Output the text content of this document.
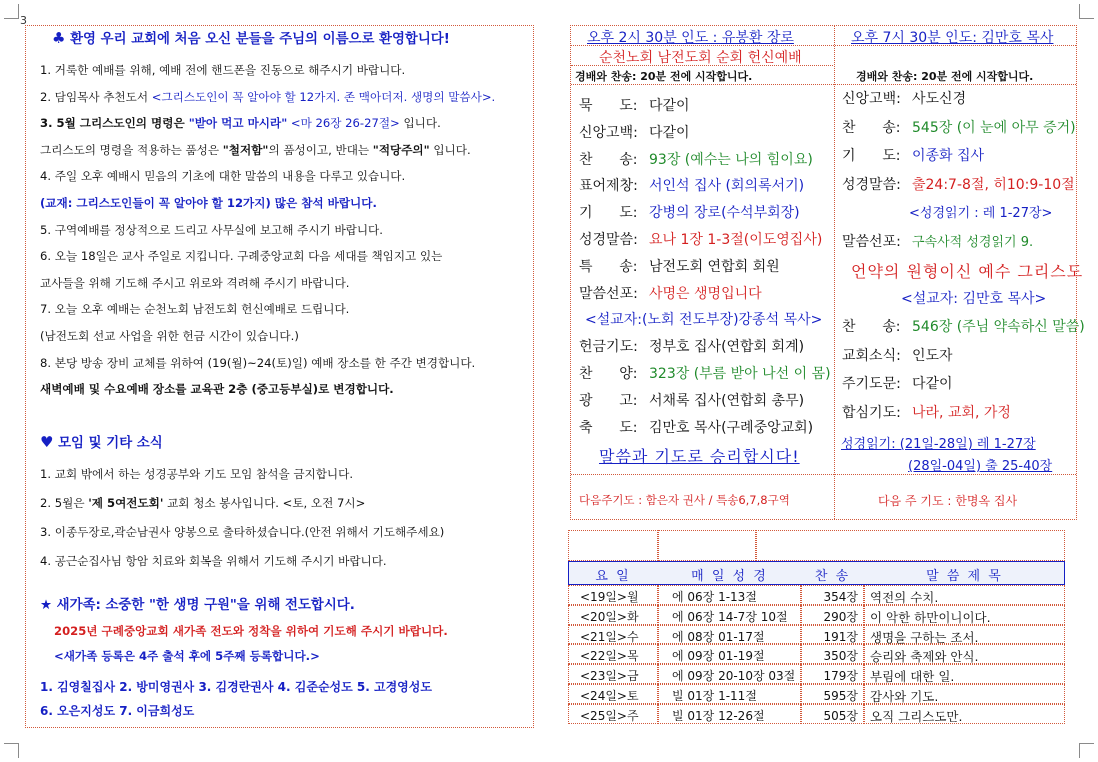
3
♣ 환영 우리 교회에 처음 오신 분들을 주님의 이름으로 환영합니다!
1. 거룩한 예배를 위해, 예배 전에 핸드폰을 진동으로 해주시기 바랍니다.
2. 담임목사 추천도서 <그리스도인이 꼭 알아야 할 12가지. 존 맥아더저. 생명의 말씀사>.
3. 5월 그리스도인의 명령은 "받아 먹고 마시라" <마 26장 26-27절> 입니다.
그리스도의 명령을 적용하는 품성은 "철저함"의 품성이고, 반대는 "적당주의" 입니다.
4. 주일 오후 예배시 믿음의 기초에 대한 말씀의 내용을 다루고 있습니다.
(교재: 그리스도인들이 꼭 알아야 할 12가지) 많은 참석 바랍니다.
5. 구역예배를 정상적으로 드리고 사무실에 보고해 주시기 바랍니다.
6. 오늘 18일은 교사 주일로 지킵니다. 구례중앙교회 다음 세대를 책임지고 있는
교사들을 위해 기도해 주시고 위로와 격려해 주시기 바랍니다.
7. 오늘 오후 예배는 순천노회 남전도회 헌신예배로 드립니다.
(남전도회 선교 사업을 위한 헌금 시간이 있습니다.)
8. 본당 방송 장비 교체를 위하여 (19(월)~24(토)일) 예배 장소를 한 주간 변경합니다.
새벽예배 및 수요예배 장소를 교육관 2층 (중고등부실)로 변경합니다.
♥ 모임 및 기타 소식
1. 교회 밖에서 하는 성경공부와 기도 모임 참석을 금지합니다.
2. 5월은 '제 5여전도회' 교회 청소 봉사입니다. <토, 오전 7시>
3. 이종두장로,곽순남권사 양봉으로 출타하셨습니다.(안전 위해서 기도해주세요)
4. 공근순집사님 항암 치료와 회복을 위해서 기도해 주시기 바랍니다.
★ 새가족: 소중한 "한 생명 구원"을 위해 전도합시다.
2025년 구례중앙교회 새가족 전도와 정착을 위하여 기도해 주시기 바랍니다.
<새가족 등록은 4주 출석 후에 5주째 등록합니다.>
1. 김영칠집사 2. 방미영권사 3. 김경란권사 4. 김준순성도 5. 고경영성도
6. 오은지성도 7. 이금희성도
오후 2시 30분 인도 : 유봉환 장로	오후 7시 30분 인도: 김만호 목사
순천노회 남전도회 순회 헌신예배
경배와 찬송: 20분 전에 시작합니다.	경배와 찬송: 20분 전에 시작합니다.
묵      도: 다같이
신앙고백: 다같이
찬      송: 93장 (예수는 나의 힘이요)
표어제창: 서인석 집사 (회의록서기)
기      도: 강병의 장로(수석부회장)
성경말씀: 요나 1장 1-3절(이도영집사)
특      송: 남전도회 연합회 회원
말씀선포: 사명은 생명입니다
<설교자:(노회 전도부장)강종석 목사>
헌금기도: 정부호 집사(연합회 회계)
찬      양: 323장 (부름 받아 나선 이 몸)
광      고: 서채록 집사(연합회 총무)
축      도: 김만호 목사(구례중앙교회)
말씀과 기도로 승리합시다!
신앙고백: 사도신경
찬      송: 545장 (이 눈에 아무 증거)
기      도: 이종화 집사
성경말씀: 출24:7-8절, 히10:9-10절
<성경읽기 : 레 1-27장>
말씀선포: 구속사적 성경읽기 9.
언약의 원형이신 예수 그리스도
<설교자: 김만호 목사>
찬      송: 546장 (주님 약속하신 말씀)
교회소식: 인도자
주기도문: 다같이
합심기도: 나라, 교회, 가정
성경읽기: (21일-28일) 레 1-27장
(28일-04일) 출 25-40장
다음주기도 : 함은자 권사 / 특송6,7,8구역	다음 주 기도 : 한명옥 집사
요 일	매 일 성 경	찬 송	말 씀 제 목
<19일>월	에 06장 1-13절	354장 역전의 수치.
<20일>화	에 06장 14-7장 10절	290장 이 악한 하만이니이다.
<21일>수	에 08장 01-17절	191장 생명을 구하는 조서.
<22일>목	에 09장 01-19절	350장 승리와 축제와 안식.
<23일>금	에 09장 20-10장 03절	179장 부림에 대한 일.
<24일>토	빌 01장 1-11절	595장 감사와 기도.
<25일>주	빌 01장 12-26절	505장 오직 그리스도만.
